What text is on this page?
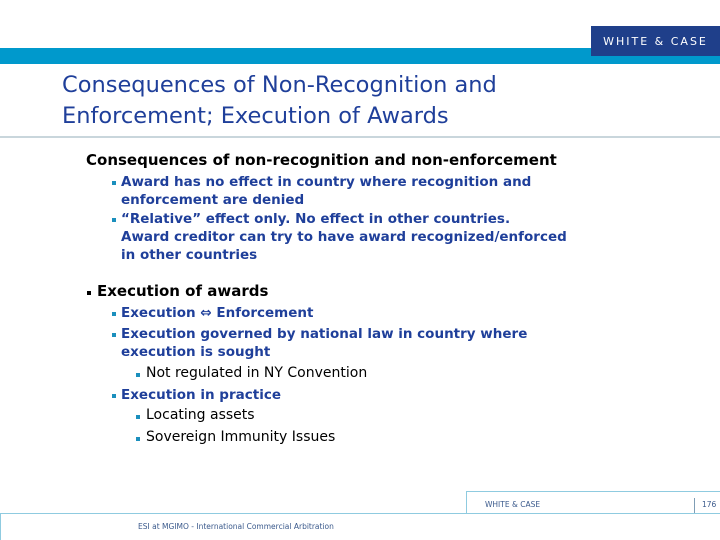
WHITE & CASE
Consequences of Non-Recognition and
Enforcement; Execution of Awards
Consequences of non-recognition and non-enforcement
Award has no effect in country where recognition and
enforcement are denied
“Relative” effect only. No effect in other countries.
Award creditor can try to have award recognized/enforced
in other countries
Execution of awards
Execution ⇔ Enforcement
Execution governed by national law in country where
execution is sought
Not regulated in NY Convention
Execution in practice
Locating assets
Sovereign Immunity Issues
WHITE & CASE	176
ESI at MGIMO - International Commercial Arbitration
